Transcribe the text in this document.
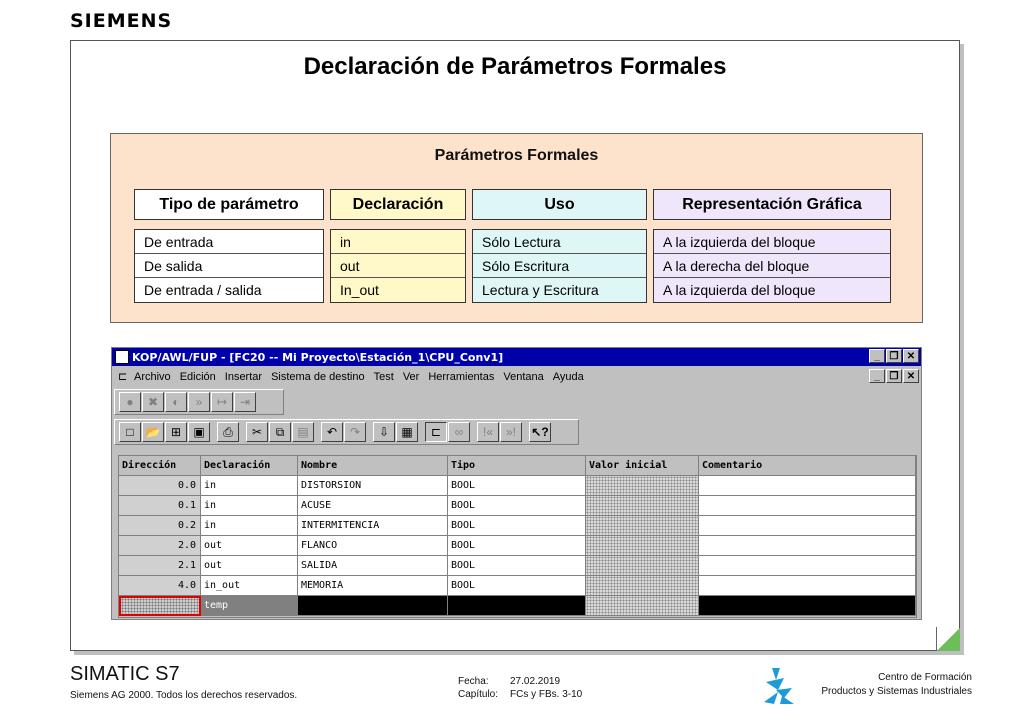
SIEMENS
Declaración de Parámetros Formales
Parámetros Formales
Tipo de parámetro	Declaración	Uso	Representación Gráfica
De entrada
De salida
De entrada / salida
in
out
In_out
Sólo Lectura
Sólo Escritura
Lectura y Escritura
A la izquierda del bloque
A la derecha del bloque
A la izquierda del bloque
KOP/AWL/FUP - [FC20 -- Mi Proyecto\Estación_1\CPU_Conv1]	_ ❐ ✕
⊏ Archivo Edición Insertar Sistema de destino Test Ver Herramientas Ventana Ayuda	_ ❐ ✕
●	✖	◐	»	↦	⇥
□ 📂 ⊞	▣	⎙	✂	⧉	▤	↶	↷	⇩	▦	⊏	∞	!«	»!	↖?
Dirección	Declaración	Nombre	Tipo	Valor inicial	Comentario
0.0 in	DISTORSION	BOOL
0.1 in	ACUSE	BOOL
0.2 in	INTERMITENCIA	BOOL
2.0 out	FLANCO	BOOL
2.1 out	SALIDA	BOOL
4.0 in_out	MEMORIA	BOOL
temp
SIMATIC S7
Siemens AG 2000. Todos los derechos reservados.
Fecha: 27.02.2019
Capítulo: FCs y FBs. 3-10
Centro de Formación
Productos y Sistemas Industriales
